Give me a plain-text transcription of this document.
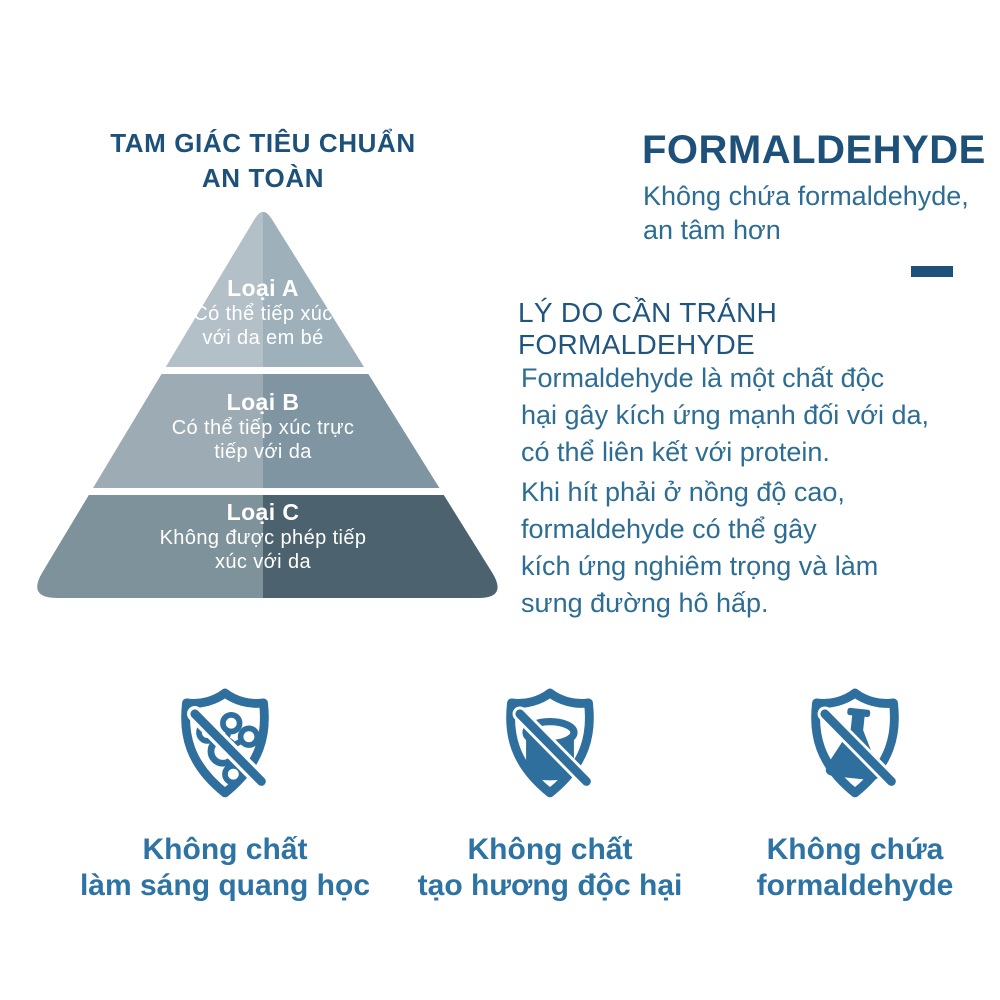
TAM GIÁC TIÊU CHUẨN
AN TOÀN
Loại A
Có thể tiếp xúc
với da em bé
Loại B
Có thể tiếp xúc trực
tiếp với da
Loại C
Không được phép tiếp
xúc với da
FORMALDEHYDE
Không chứa formaldehyde,
an tâm hơn
LÝ DO CẦN TRÁNH FORMALDEHYDE
Formaldehyde là một chất độc
hại gây kích ứng mạnh đối với da,
có thể liên kết với protein.
Khi hít phải ở nồng độ cao,
formaldehyde có thể gây
kích ứng nghiêm trọng và làm
sưng đường hô hấp.
Không chất
làm sáng quang học
Không chất
tạo hương độc hại
Không chứa
formaldehyde
